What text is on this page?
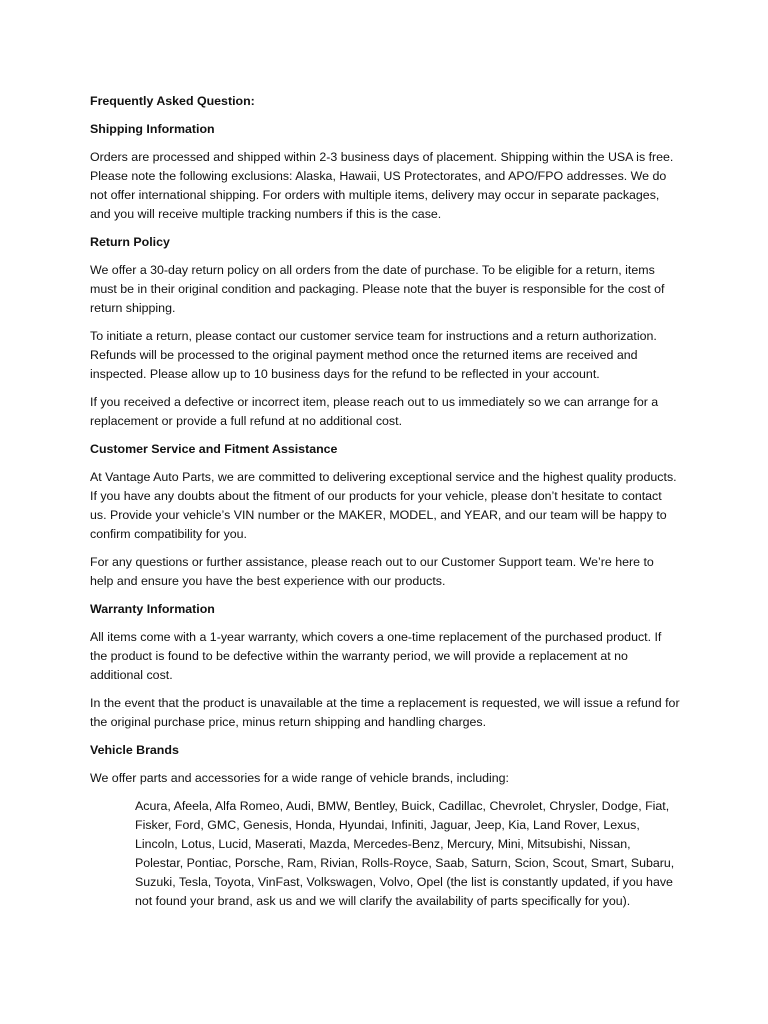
Frequently Asked Question:
Shipping Information
Orders are processed and shipped within 2-3 business days of placement. Shipping within the USA is free. Please note the following exclusions: Alaska, Hawaii, US Protectorates, and APO/FPO addresses. We do not offer international shipping. For orders with multiple items, delivery may occur in separate packages, and you will receive multiple tracking numbers if this is the case.
Return Policy
We offer a 30-day return policy on all orders from the date of purchase. To be eligible for a return, items must be in their original condition and packaging. Please note that the buyer is responsible for the cost of return shipping.
To initiate a return, please contact our customer service team for instructions and a return authorization. Refunds will be processed to the original payment method once the returned items are received and inspected. Please allow up to 10 business days for the refund to be reflected in your account.
If you received a defective or incorrect item, please reach out to us immediately so we can arrange for a replacement or provide a full refund at no additional cost.
Customer Service and Fitment Assistance
At Vantage Auto Parts, we are committed to delivering exceptional service and the highest quality products. If you have any doubts about the fitment of our products for your vehicle, please don’t hesitate to contact us. Provide your vehicle’s VIN number or the MAKER, MODEL, and YEAR, and our team will be happy to confirm compatibility for you.
For any questions or further assistance, please reach out to our Customer Support team. We’re here to help and ensure you have the best experience with our products.
Warranty Information
All items come with a 1-year warranty, which covers a one-time replacement of the purchased product. If the product is found to be defective within the warranty period, we will provide a replacement at no additional cost.
In the event that the product is unavailable at the time a replacement is requested, we will issue a refund for the original purchase price, minus return shipping and handling charges.
Vehicle Brands
We offer parts and accessories for a wide range of vehicle brands, including:
Acura, Afeela, Alfa Romeo, Audi, BMW, Bentley, Buick, Cadillac, Chevrolet, Chrysler, Dodge, Fiat, Fisker, Ford, GMC, Genesis, Honda, Hyundai, Infiniti, Jaguar, Jeep, Kia, Land Rover, Lexus, Lincoln, Lotus, Lucid, Maserati, Mazda, Mercedes-Benz, Mercury, Mini, Mitsubishi, Nissan, Polestar, Pontiac, Porsche, Ram, Rivian, Rolls-Royce, Saab, Saturn, Scion, Scout, Smart, Subaru, Suzuki, Tesla, Toyota, VinFast, Volkswagen, Volvo, Opel (the list is constantly updated, if you have not found your brand, ask us and we will clarify the availability of parts specifically for you).
